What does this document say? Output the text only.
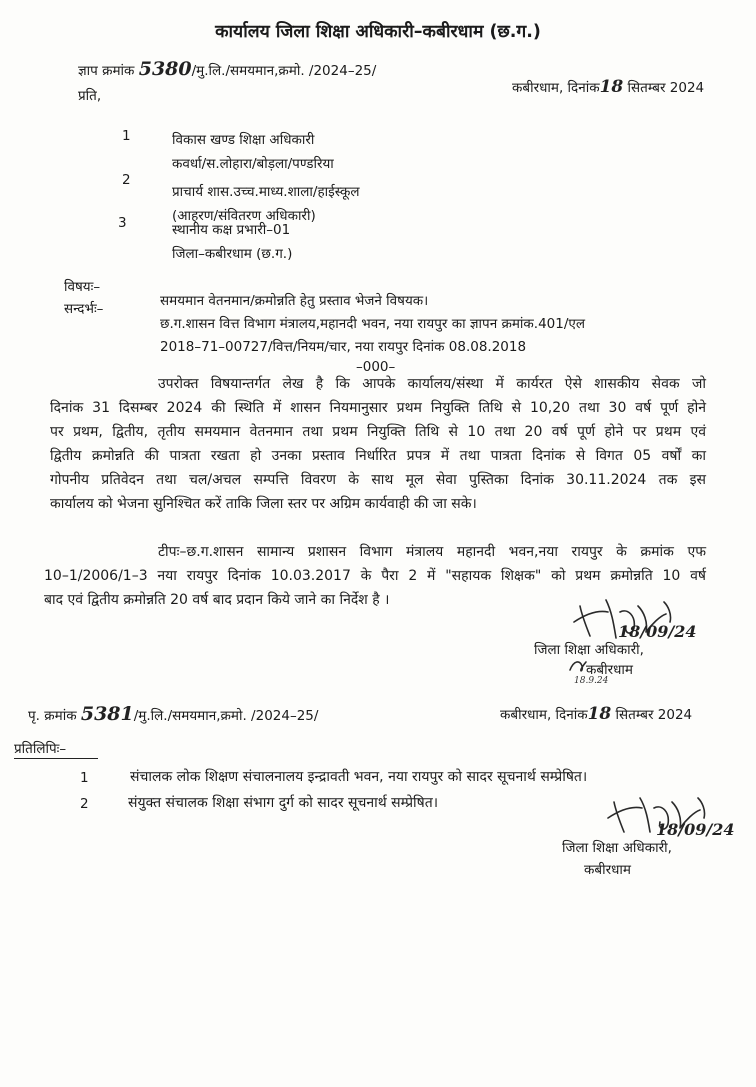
कार्यालय जिला शिक्षा अधिकारी–कबीरधाम (छ.ग.)
ज्ञाप क्रमांक 5380/मु.लि./समयमान,क्रमो. /2024–25/
कबीरधाम, दिनांक18 सितम्बर 2024
प्रति,
1	विकास खण्ड शिक्षा अधिकारी
कवर्धा/स.लोहारा/बोड़ला/पण्डरिया
2
प्राचार्य शास.उच्च.माध्य.शाला/हाईस्कूल
(आहरण/संवितरण अधिकारी)
3	स्थानीय कक्ष प्रभारी–01
जिला–कबीरधाम (छ.ग.)
विषयः–
समयमान वेतनमान/क्रमोन्नति हेतु प्रस्ताव भेजने विषयक।
सन्दर्भः–
छ.ग.शासन वित्त विभाग मंत्रालय,महानदी भवन, नया रायपुर का ज्ञापन क्रमांक.401/एल
2018–71–00727/वित्त/नियम/चार, नया रायपुर दिनांक 08.08.2018
–000–
उपरोक्त विषयान्तर्गत लेख है कि आपके कार्यालय/संस्था में कार्यरत ऐसे शासकीय सेवक जो
दिनांक 31 दिसम्बर 2024 की स्थिति में शासन नियमानुसार प्रथम नियुक्ति तिथि से 10,20 तथा 30 वर्ष पूर्ण होने
पर प्रथम, द्वितीय, तृतीय समयमान वेतनमान तथा प्रथम नियुक्ति तिथि से 10 तथा 20 वर्ष पूर्ण होने पर प्रथम एवं
द्वितीय क्रमोन्नति की पात्रता रखता हो उनका प्रस्ताव निर्धारित प्रपत्र में तथा पात्रता दिनांक से विगत 05 वर्षों का
गोपनीय प्रतिवेदन तथा चल/अचल सम्पत्ति विवरण के साथ मूल सेवा पुस्तिका दिनांक 30.11.2024 तक इस
कार्यालय को भेजना सुनिश्चित करें ताकि जिला स्तर पर अग्रिम कार्यवाही की जा सके।
टीपः–छ.ग.शासन सामान्य प्रशासन विभाग मंत्रालय महानदी भवन,नया रायपुर के क्रमांक एफ
10–1/2006/1–3 नया रायपुर दिनांक 10.03.2017 के पैरा 2 में "सहायक शिक्षक" को प्रथम क्रमोन्नति 10 वर्ष
बाद एवं द्वितीय क्रमोन्नति 20 वर्ष बाद प्रदान किये जाने का निर्देश है ।
18/09/24
जिला शिक्षा अधिकारी,
कबीरधाम
18.9.24
पृ. क्रमांक 5381/मु.लि./समयमान,क्रमो. /2024–25/	कबीरधाम, दिनांक18 सितम्बर 2024
प्रतिलिपिः–
1	संचालक लोक शिक्षण संचालनालय इन्द्रावती भवन, नया रायपुर को सादर सूचनार्थ सम्प्रेषित।
2	संयुक्त संचालक शिक्षा संभाग दुर्ग को सादर सूचनार्थ सम्प्रेषित।
18/09/24
जिला शिक्षा अधिकारी,
कबीरधाम
